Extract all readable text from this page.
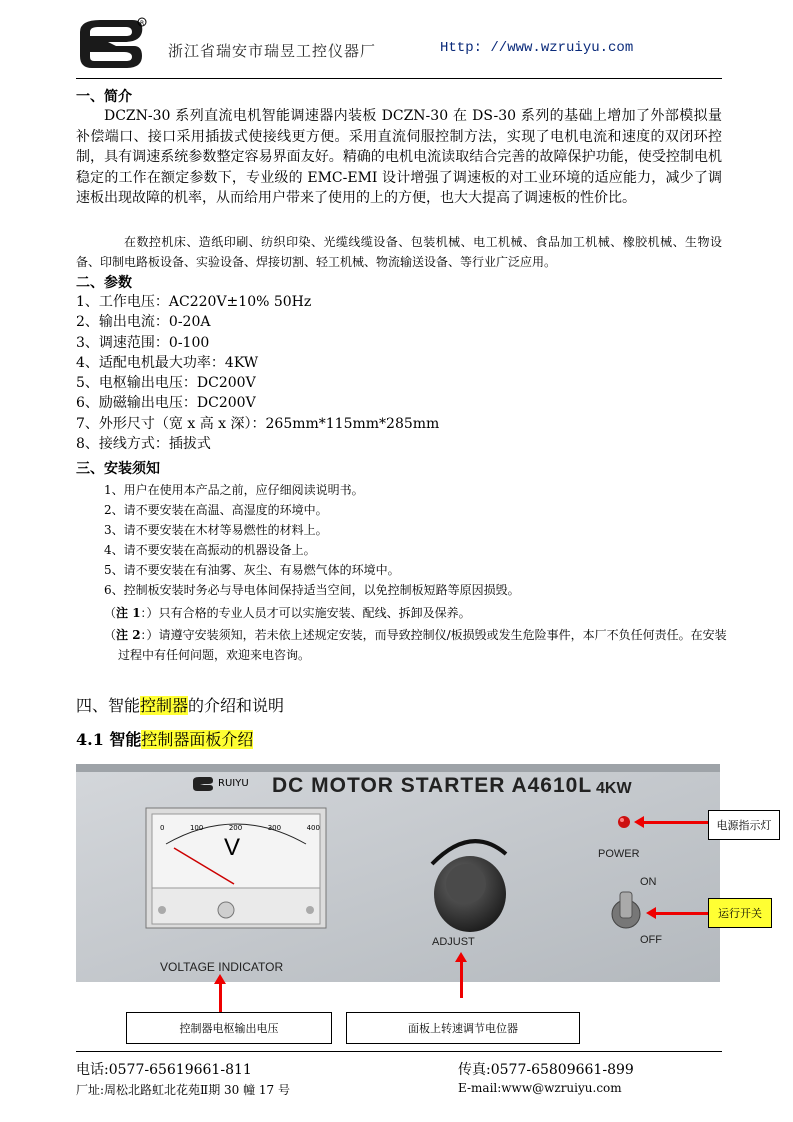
R
浙江省瑞安市瑞昱工控仪器厂	Http: //www.wzruiyu.com
一、简介
DCZN-30 系列直流电机智能调速器内装板 DCZN-30 在 DS-30 系列的基础上增加了外部模拟量补偿端口、接口采用插拔式使接线更方便。采用直流伺服控制方法，实现了电机电流和速度的双闭环控制，具有调速系统参数整定容易界面友好。精确的电机电流读取结合完善的故障保护功能，使受控制电机稳定的工作在额定参数下，专业级的 EMC-EMI 设计增强了调速板的对工业环境的适应能力，减少了调速板出现故障的机率，从而给用户带来了使用的上的方便，也大大提高了调速板的性价比。
在数控机床、造纸印刷、纺织印染、光缆线缆设备、包装机械、电工机械、食品加工机械、橡胶机械、生物设备、印制电路板设备、实验设备、焊接切割、轻工机械、物流输送设备、等行业广泛应用。
二、参数
1、工作电压：AC220V±10% 50Hz
2、输出电流：0-20A
3、调速范围：0-100
4、适配电机最大功率：4KW
5、电枢输出电压：DC200V
6、励磁输出电压：DC200V
7、外形尺寸（宽 x 高 x 深）：265mm*115mm*285mm
8、接线方式：插拔式
三、安装须知
1、用户在使用本产品之前，应仔细阅读说明书。
2、请不要安装在高温、高湿度的环境中。
3、请不要安装在木材等易燃性的材料上。
4、请不要安装在高振动的机器设备上。
5、请不要安装在有油雾、灰尘、有易燃气体的环境中。
6、控制板安装时务必与导电体间保持适当空间，以免控制板短路等原因损毁。
（注 1：）只有合格的专业人员才可以实施安装、配线、拆卸及保养。
（注 2：）请遵守安装须知，若未依上述规定安装，而导致控制仪/板损毁或发生危险事件，本厂不负任何责任。在安装过程中有任何问题，欢迎来电咨询。
四、智能控制器的介绍和说明
4.1 智能控制器面板介绍
RUIYU DC MOTOR STARTER A4610L 4KW
V
0	100	200	300	400
VOLTAGE INDICATOR
ADJUST
POWER
ON
OFF
电源指示灯
运行开关
控制器电枢输出电压	面板上转速调节电位器
电话:0577-65619661-811	传真:0577-65809661-899
厂址:周松北路虹北花苑Ⅱ期 30 幢 17 号	E-mail:www@wzruiyu.com
